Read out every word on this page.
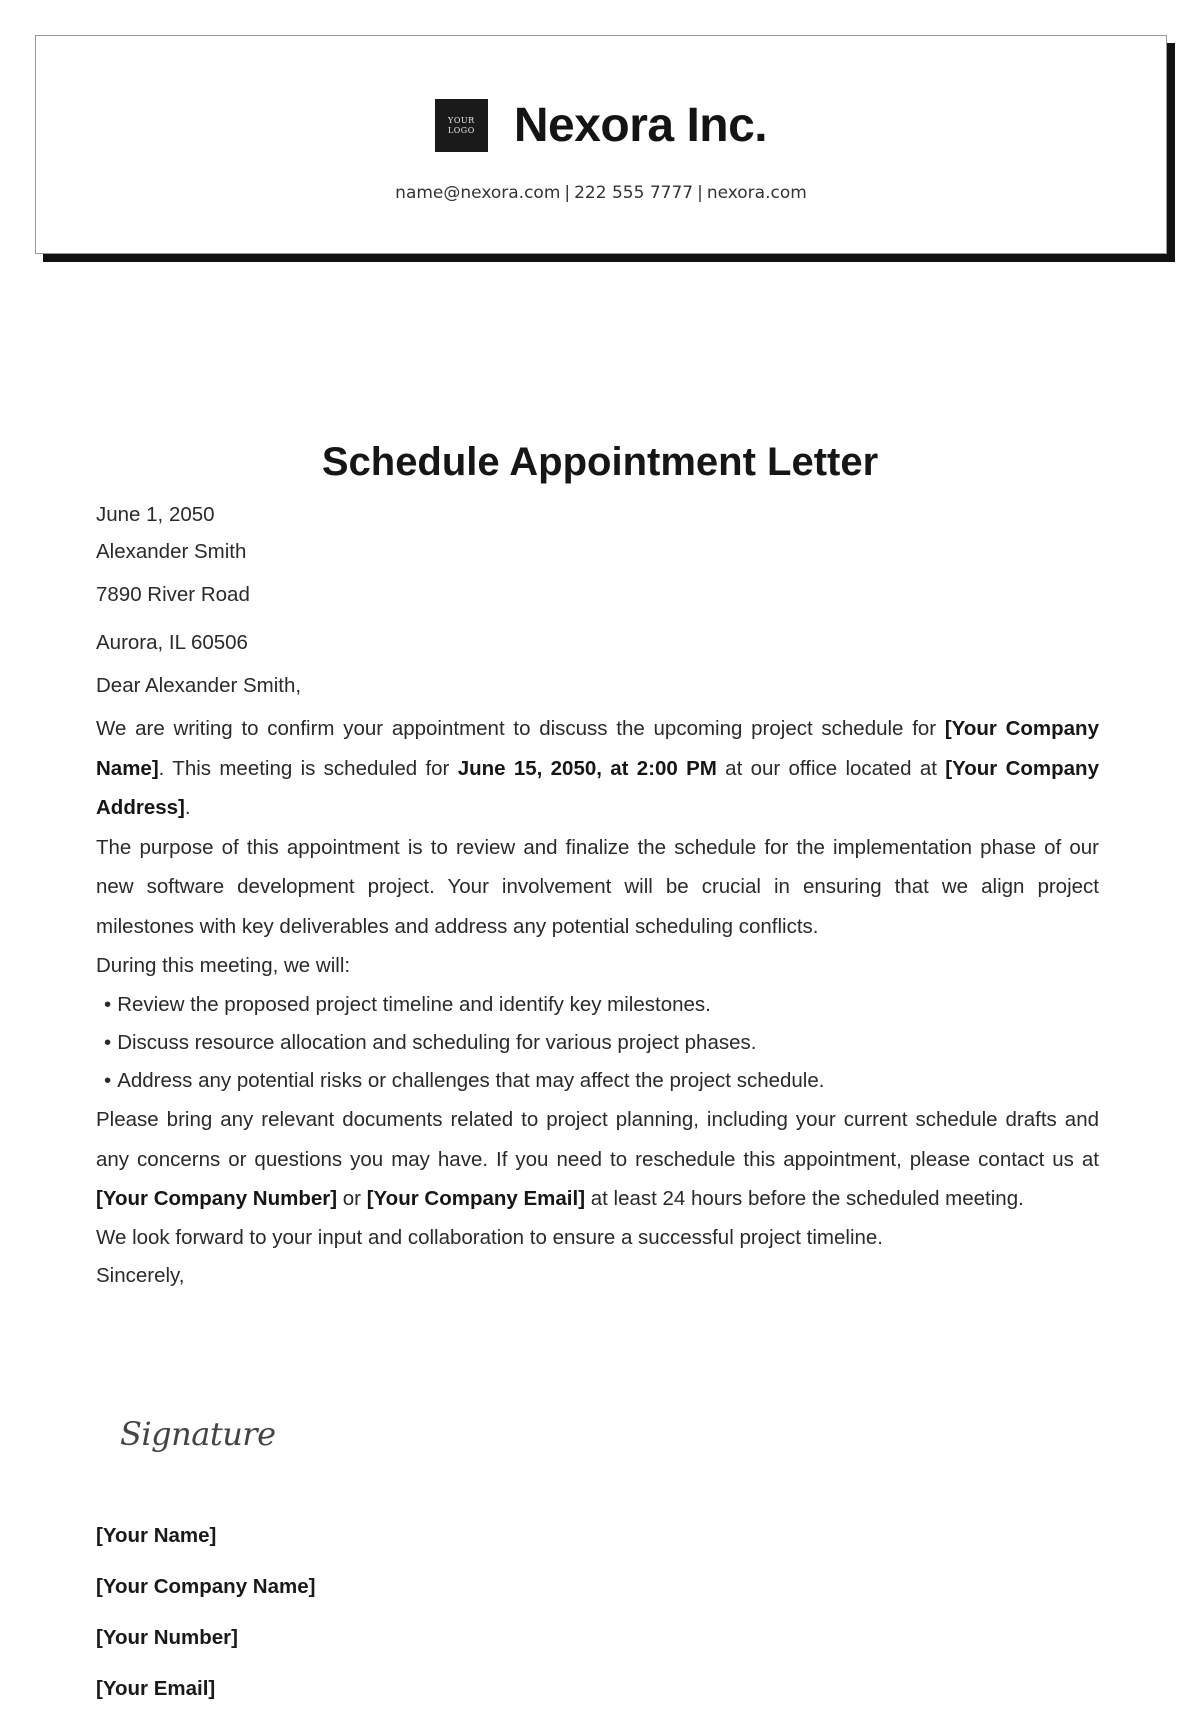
YOUR
LOGO Nexora Inc.
name@nexora.com | 222 555 7777 | nexora.com
Schedule Appointment Letter

June 1, 2050

Alexander Smith

7890 River Road

Aurora, IL 60506

Dear Alexander Smith,

We are writing to confirm your appointment to discuss the upcoming project schedule for [Your Company Name]. This meeting is scheduled for June 15, 2050, at 2:00 PM at our office located at [Your Company Address].

The purpose of this appointment is to review and finalize the schedule for the implementation phase of our new software development project. Your involvement will be crucial in ensuring that we align project milestones with key deliverables and address any potential scheduling conflicts.

During this meeting, we will:

• Review the proposed project timeline and identify key milestones.
• Discuss resource allocation and scheduling for various project phases.
• Address any potential risks or challenges that may affect the project schedule.

Please bring any relevant documents related to project planning, including your current schedule drafts and any concerns or questions you may have. If you need to reschedule this appointment, please contact us at [Your Company Number] or [Your Company Email] at least 24 hours before the scheduled meeting.

We look forward to your input and collaboration to ensure a successful project timeline.

Sincerely,

Signature
[Your Name]
[Your Company Name]
[Your Number]
[Your Email]
